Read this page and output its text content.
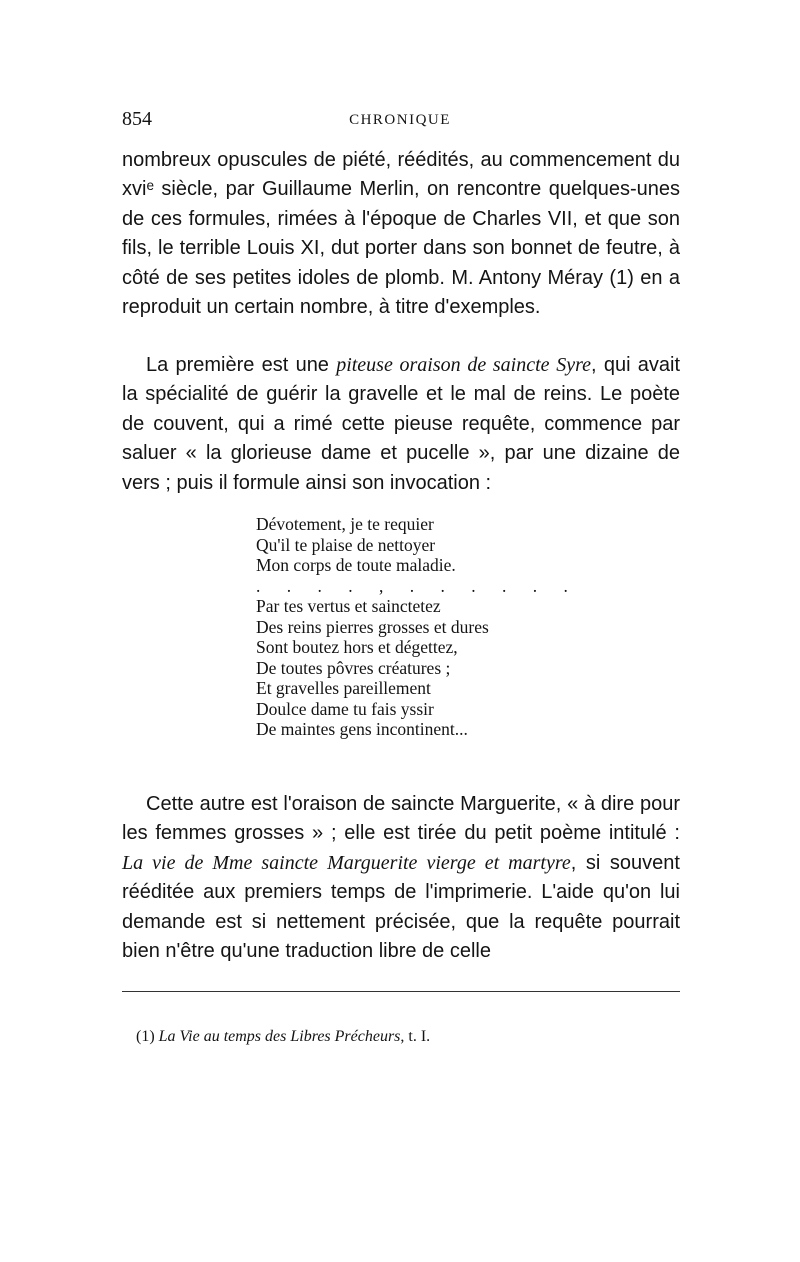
854	CHRONIQUE

nombreux opuscules de piété, réédités, au commencement du xviᵉ siècle, par Guillaume Merlin, on rencontre quelques-unes de ces formules, rimées à l'époque de Charles VII, et que son fils, le terrible Louis XI, dut porter dans son bonnet de feutre, à côté de ses petites idoles de plomb. M. Antony Méray (1) en a reproduit un certain nombre, à titre d'exemples.

La première est une piteuse oraison de saincte Syre, qui avait la spécialité de guérir la gravelle et le mal de reins. Le poète de couvent, qui a rimé cette pieuse requête, commence par saluer « la glorieuse dame et pucelle », par une dizaine de vers ; puis il formule ainsi son invocation :

Dévotement, je te requier
Qu'il te plaise de nettoyer
Mon corps de toute maladie.
. . . . , . . . . . .
Par tes vertus et sainctetez
Des reins pierres grosses et dures
Sont boutez hors et dégettez,
De toutes pôvres créatures ;
Et gravelles pareillement
Doulce dame tu fais yssir
De maintes gens incontinent...

Cette autre est l'oraison de saincte Marguerite, « à dire pour les femmes grosses » ; elle est tirée du petit poème intitulé : La vie de Mme saincte Marguerite vierge et martyre, si souvent rééditée aux premiers temps de l'imprimerie. L'aide qu'on lui demande est si nettement précisée, que la requête pourrait bien n'être qu'une traduction libre de celle

(1) La Vie au temps des Libres Précheurs, t. I.
